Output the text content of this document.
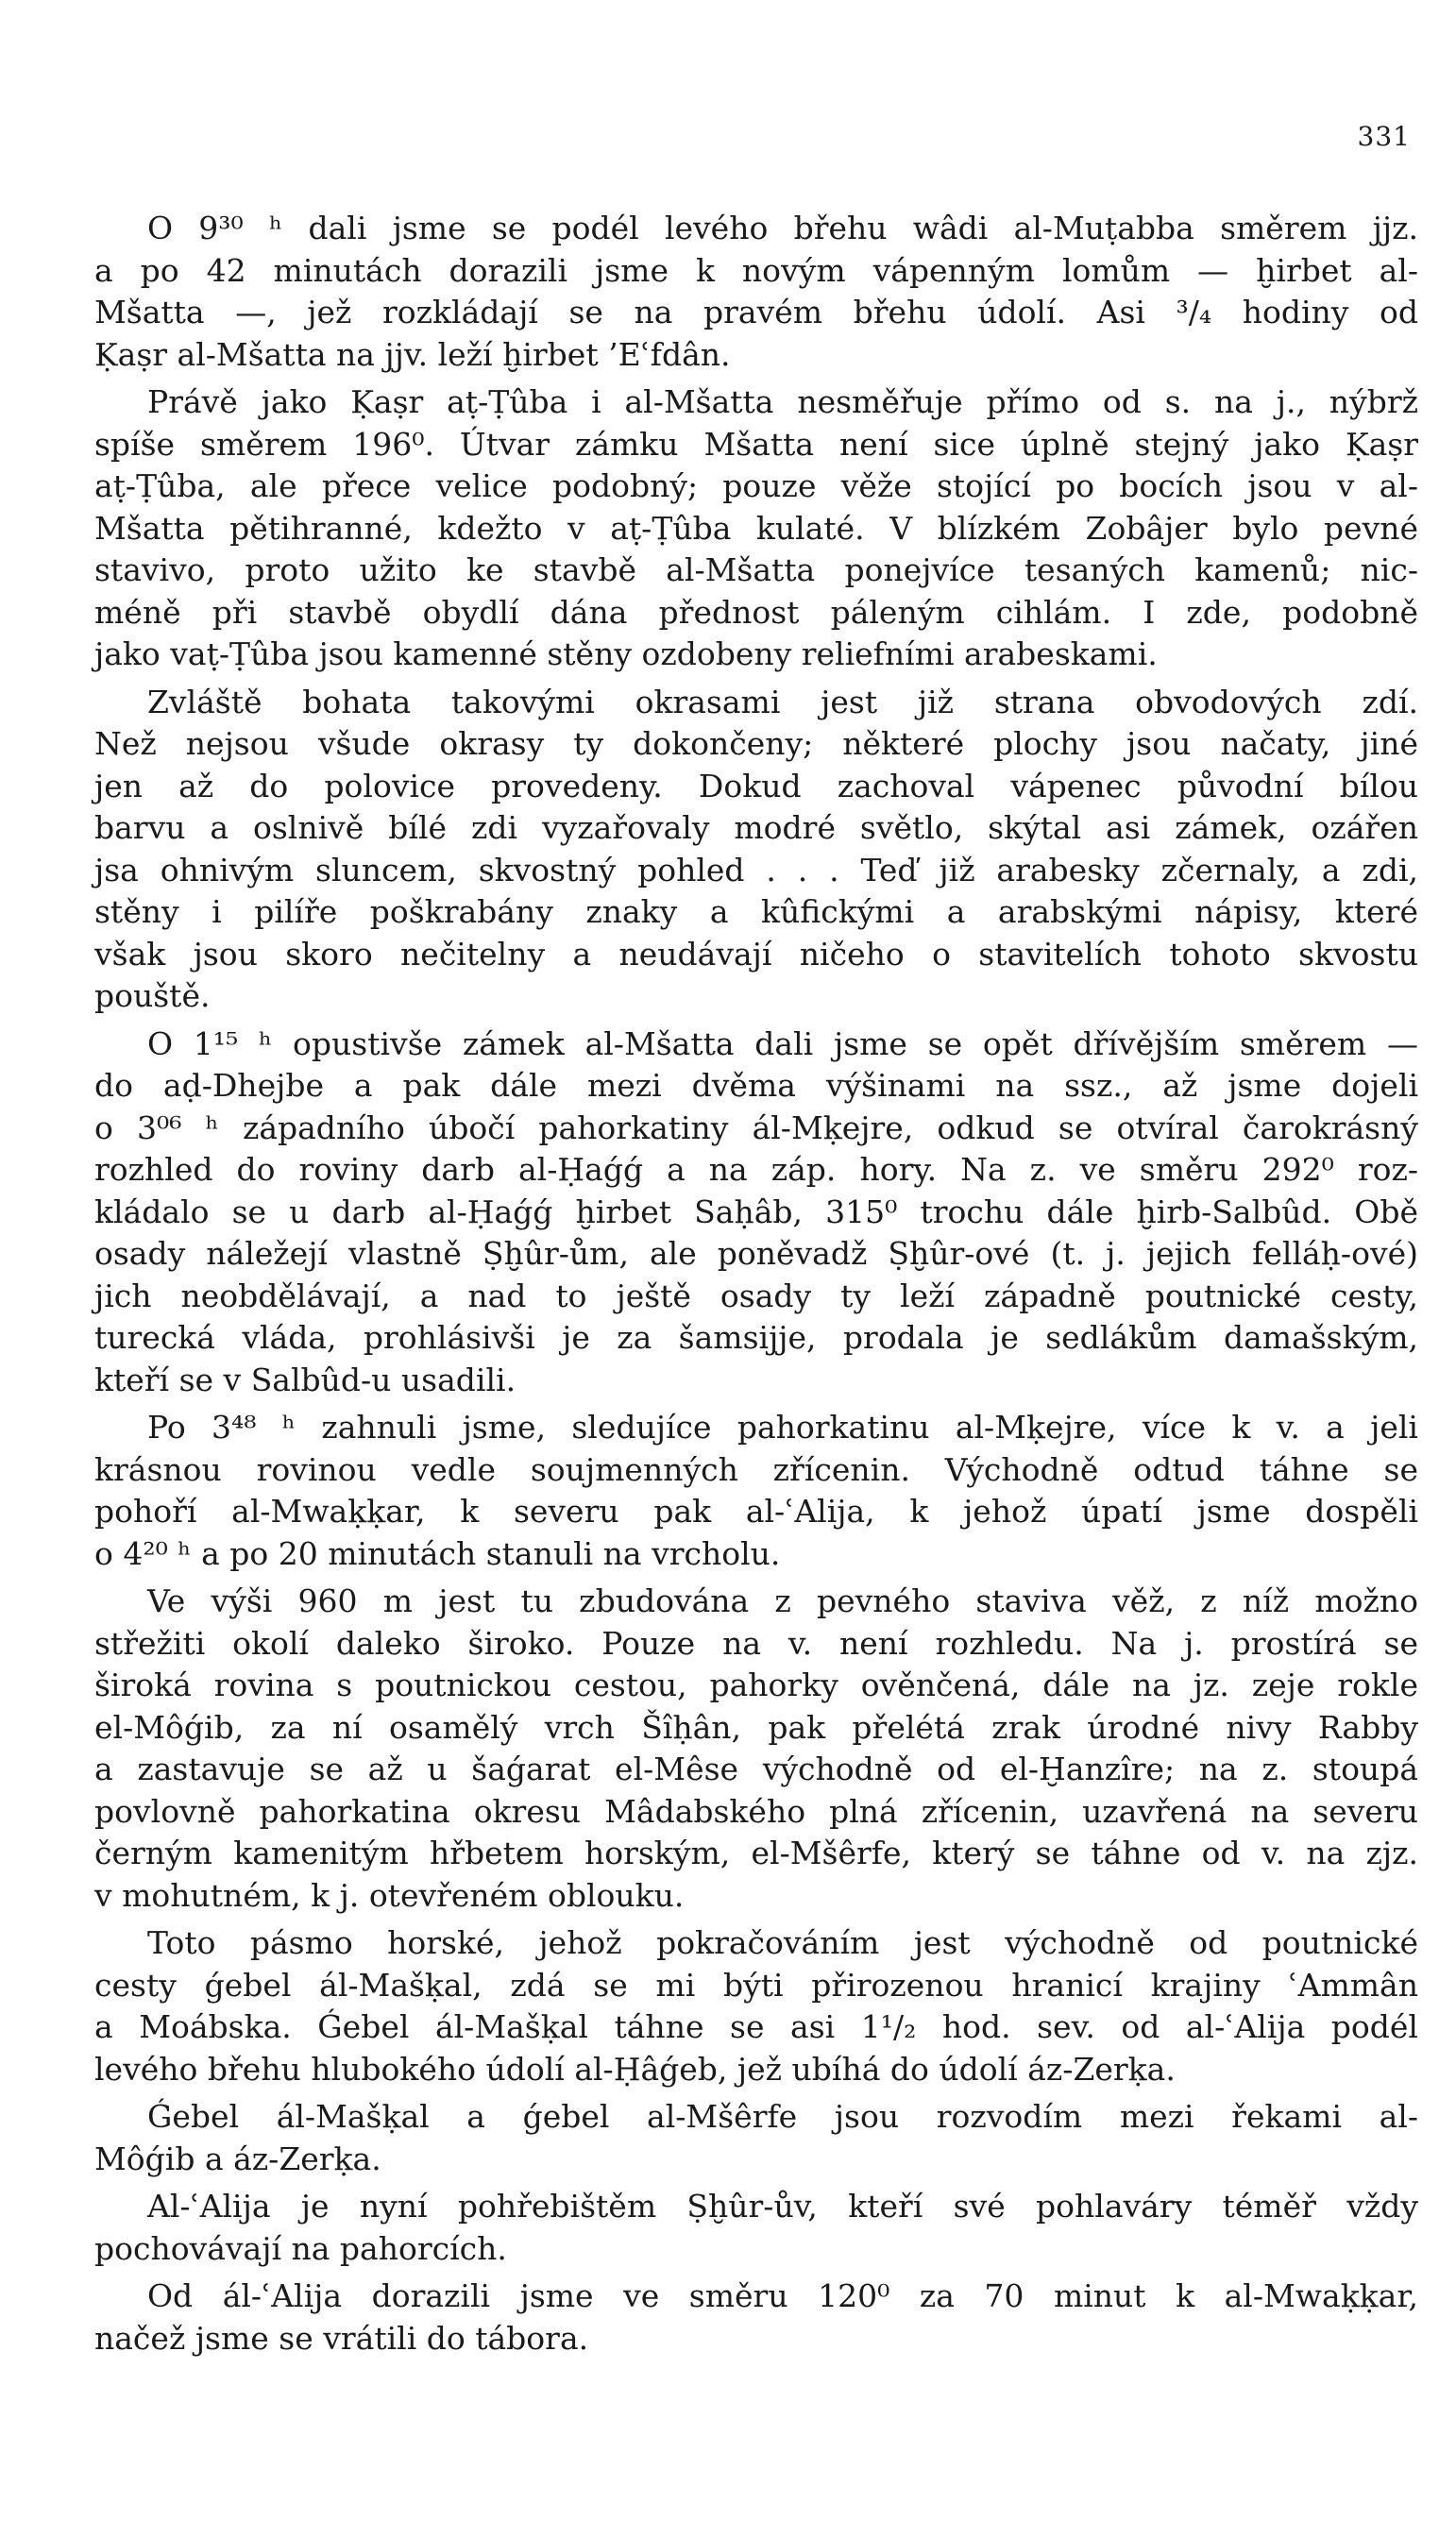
331

O 9³⁰ ʰ dali jsme se podél levého břehu wâdi al-Muṭabba směrem jjz.
a po 42 minutách dorazili jsme k novým vápenným lomům — ḫirbet al-
Mšatta —, jež rozkládají se na pravém břehu údolí. Asi ³/₄ hodiny od
Ḳaṣr al-Mšatta na jjv. leží ḫirbet ’Eʿfdân.

Právě jako Ḳaṣr aṭ-Ṭûba i al-Mšatta nesměřuje přímo od s. na j., nýbrž
spíše směrem 196⁰. Útvar zámku Mšatta není sice úplně stejný jako Ḳaṣr
aṭ-Ṭûba, ale přece velice podobný; pouze věže stojící po bocích jsou v al-
Mšatta pětihranné, kdežto v aṭ-Ṭûba kulaté. V blízkém Zobâjer bylo pevné
stavivo, proto užito ke stavbě al-Mšatta ponejvíce tesaných kamenů; nic-
méně při stavbě obydlí dána přednost páleným cihlám. I zde, podobně
jako vaṭ-Ṭûba jsou kamenné stěny ozdobeny reliefními arabeskami.

Zvláště bohata takovými okrasami jest již strana obvodových zdí.
Než nejsou všude okrasy ty dokončeny; některé plochy jsou načaty, jiné
jen až do polovice provedeny. Dokud zachoval vápenec původní bílou
barvu a oslnivě bílé zdi vyzařovaly modré světlo, skýtal asi zámek, ozářen
jsa ohnivým sluncem, skvostný pohled . . . Teď již arabesky zčernaly, a zdi,
stěny i pilíře poškrabány znaky a kûfickými a arabskými nápisy, které
však jsou skoro nečitelny a neudávají ničeho o stavitelích tohoto skvostu
pouště.

O 1¹⁵ ʰ opustivše zámek al-Mšatta dali jsme se opět dřívějším směrem —
do aḍ-Dhejbe a pak dále mezi dvěma výšinami na ssz., až jsme dojeli
o 3⁰⁶ ʰ západního úbočí pahorkatiny ál-Mḳejre, odkud se otvíral čarokrásný
rozhled do roviny darb al-Ḥaǵǵ a na záp. hory. Na z. ve směru 292⁰ roz-
kládalo se u darb al-Ḥaǵǵ ḫirbet Saḥâb, 315⁰ trochu dále ḫirb-Salbûd. Obě
osady náležejí vlastně Ṣḫûr-ům, ale poněvadž Ṣḫûr-ové (t. j. jejich felláḥ-ové)
jich neobdělávají, a nad to ještě osady ty leží západně poutnické cesty,
turecká vláda, prohlásivši je za šamsijje, prodala je sedlákům damašským,
kteří se v Salbûd-u usadili.

Po 3⁴⁸ ʰ zahnuli jsme, sledujíce pahorkatinu al-Mḳejre, více k v. a jeli
krásnou rovinou vedle soujmenných zřícenin. Východně odtud táhne se
pohoří al-Mwaḳḳar, k severu pak al-ʿAlija, k jehož úpatí jsme dospěli
o 4²⁰ ʰ a po 20 minutách stanuli na vrcholu.

Ve výši 960 m jest tu zbudována z pevného staviva věž, z níž možno
střežiti okolí daleko široko. Pouze na v. není rozhledu. Na j. prostírá se
široká rovina s poutnickou cestou, pahorky ověnčená, dále na jz. zeje rokle
el-Môǵib, za ní osamělý vrch Šîḥân, pak přelétá zrak úrodné nivy Rabby
a zastavuje se až u šaǵarat el-Mêse východně od el-Ḫanzîre; na z. stoupá
povlovně pahorkatina okresu Mâdabského plná zřícenin, uzavřená na severu
černým kamenitým hřbetem horským, el-Mšêrfe, který se táhne od v. na zjz.
v mohutném, k j. otevřeném oblouku.

Toto pásmo horské, jehož pokračováním jest východně od poutnické
cesty ǵebel ál-Mašḳal, zdá se mi býti přirozenou hranicí krajiny ʿAmmân
a Moábska. Ǵebel ál-Mašḳal táhne se asi 1¹/₂ hod. sev. od al-ʿAlija podél
levého břehu hlubokého údolí al-Ḥâǵeb, jež ubíhá do údolí áz-Zerḳa.

Ǵebel ál-Mašḳal a ǵebel al-Mšêrfe jsou rozvodím mezi řekami al-
Môǵib a áz-Zerḳa.

Al-ʿAlija je nyní pohřebištěm Ṣḫûr-ův, kteří své pohlaváry téměř vždy
pochovávají na pahorcích.

Od ál-ʿAlija dorazili jsme ve směru 120⁰ za 70 minut k al-Mwaḳḳar,
načež jsme se vrátili do tábora.
